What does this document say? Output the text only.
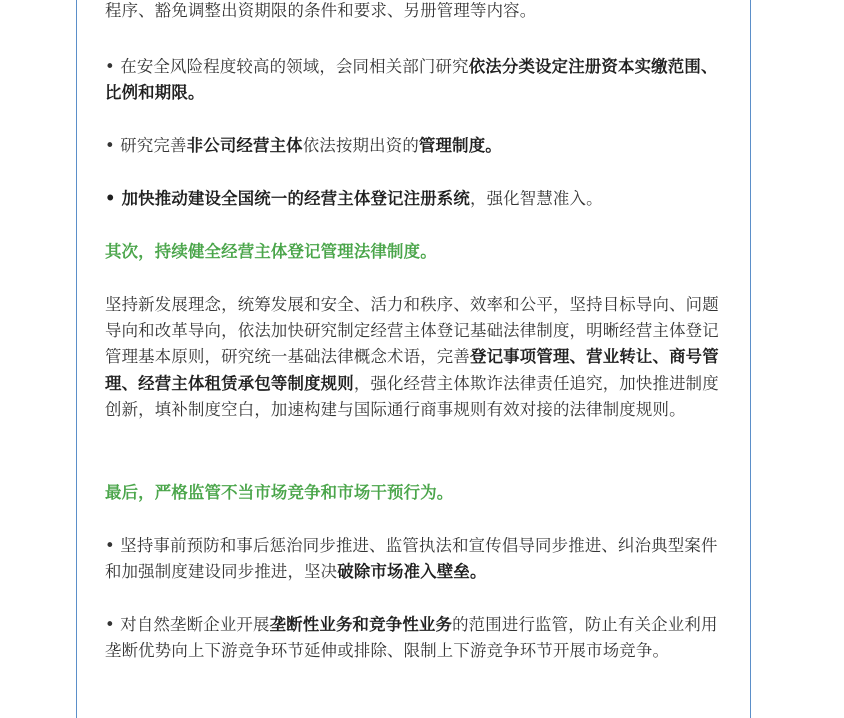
程序、豁免调整出资期限的条件和要求、另册管理等内容。

• 在安全风险程度较高的领域，会同相关部门研究依法分类设定注册资本实缴范围、比例和期限。

• 研究完善非公司经营主体依法按期出资的管理制度。

• 加快推动建设全国统一的经营主体登记注册系统，强化智慧准入。

其次，持续健全经营主体登记管理法律制度。

坚持新发展理念，统筹发展和安全、活力和秩序、效率和公平，坚持目标导向、问题导向和改革导向，依法加快研究制定经营主体登记基础法律制度，明晰经营主体登记管理基本原则，研究统一基础法律概念术语，完善登记事项管理、营业转让、商号管理、经营主体租赁承包等制度规则，强化经营主体欺诈法律责任追究，加快推进制度创新，填补制度空白，加速构建与国际通行商事规则有效对接的法律制度规则。

最后，严格监管不当市场竞争和市场干预行为。

• 坚持事前预防和事后惩治同步推进、监管执法和宣传倡导同步推进、纠治典型案件和加强制度建设同步推进，坚决破除市场准入壁垒。

• 对自然垄断企业开展垄断性业务和竞争性业务的范围进行监管，防止有关企业利用垄断优势向上下游竞争环节延伸或排除、限制上下游竞争环节开展市场竞争。
